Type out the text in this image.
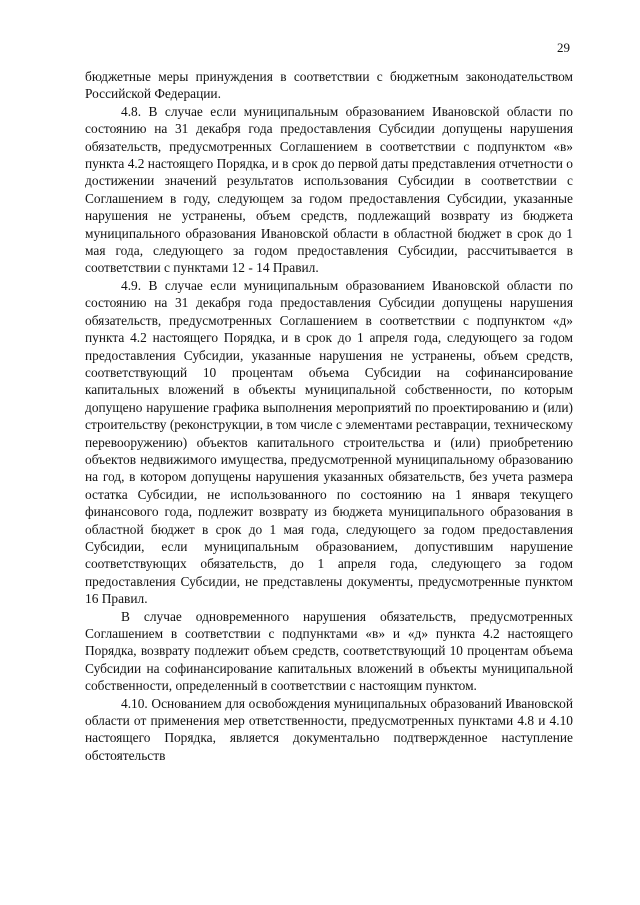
29

бюджетные меры принуждения в соответствии с бюджетным законодательством Российской Федерации.

4.8. В случае если муниципальным образованием Ивановской области по состоянию на 31 декабря года предоставления Субсидии допущены нарушения обязательств, предусмотренных Соглашением в соответствии с подпунктом «в» пункта 4.2 настоящего Порядка, и в срок до первой даты представления отчетности о достижении значений результатов использования Субсидии в соответствии с Соглашением в году, следующем за годом предоставления Субсидии, указанные нарушения не устранены, объем средств, подлежащий возврату из бюджета муниципального образования Ивановской области в областной бюджет в срок до 1 мая года, следующего за годом предоставления Субсидии, рассчитывается в соответствии с пунктами 12 - 14 Правил.

4.9. В случае если муниципальным образованием Ивановской области по состоянию на 31 декабря года предоставления Субсидии допущены нарушения обязательств, предусмотренных Соглашением в соответствии с подпунктом «д» пункта 4.2 настоящего Порядка, и в срок до 1 апреля года, следующего за годом предоставления Субсидии, указанные нарушения не устранены, объем средств, соответствующий 10 процентам объема Субсидии на софинансирование капитальных вложений в объекты муниципальной собственности, по которым допущено нарушение графика выполнения мероприятий по проектированию и (или) строительству (реконструкции, в том числе с элементами реставрации, техническому перевооружению) объектов капитального строительства и (или) приобретению объектов недвижимого имущества, предусмотренной муниципальному образованию на год, в котором допущены нарушения указанных обязательств, без учета размера остатка Субсидии, не использованного по состоянию на 1 января текущего финансового года, подлежит возврату из бюджета муниципального образования в областной бюджет в срок до 1 мая года, следующего за годом предоставления Субсидии, если муниципальным образованием, допустившим нарушение соответствующих обязательств, до 1 апреля года, следующего за годом предоставления Субсидии, не представлены документы, предусмотренные пунктом 16 Правил.

В случае одновременного нарушения обязательств, предусмотренных Соглашением в соответствии с подпунктами «в» и «д» пункта 4.2 настоящего Порядка, возврату подлежит объем средств, соответствующий 10 процентам объема Субсидии на софинансирование капитальных вложений в объекты муниципальной собственности, определенный в соответствии с настоящим пунктом.

4.10. Основанием для освобождения муниципальных образований Ивановской области от применения мер ответственности, предусмотренных пунктами 4.8 и 4.10 настоящего Порядка, является документально подтвержденное наступление обстоятельств
